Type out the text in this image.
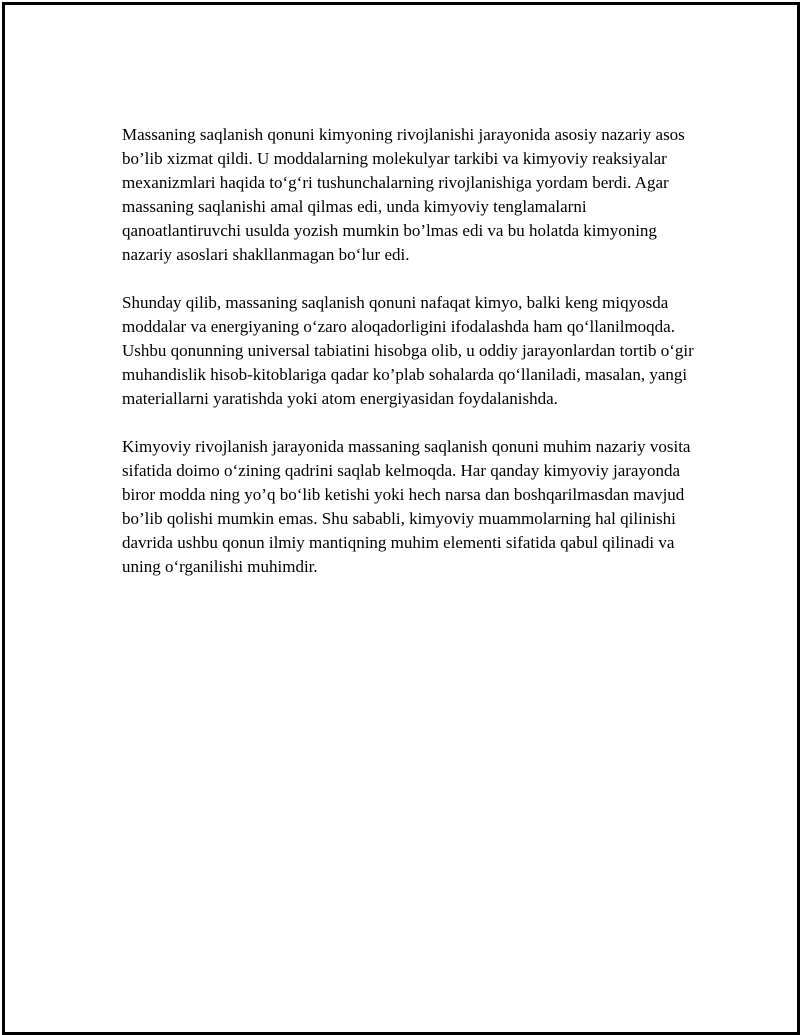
Massaning saqlanish qonuni kimyoning rivojlanishi jarayonida asosiy nazariy asos bo’lib xizmat qildi. U moddalarning molekulyar tarkibi va kimyoviy reaksiyalar mexanizmlari haqida to‘g‘ri tushunchalarning rivojlanishiga yordam berdi. Agar massaning saqlanishi amal qilmas edi, unda kimyoviy tenglamalarni qanoatlantiruvchi usulda yozish mumkin bo’lmas edi va bu holatda kimyoning nazariy asoslari shakllanmagan bo‘lur edi.

Shunday qilib, massaning saqlanish qonuni nafaqat kimyo, balki keng miqyosda moddalar va energiyaning o‘zaro aloqadorligini ifodalashda ham qo‘llanilmoqda. Ushbu qonunning universal tabiatini hisobga olib, u oddiy jarayonlardan tortib o‘gir muhandislik hisob-kitoblariga qadar ko’plab sohalarda qo‘llaniladi, masalan, yangi materiallarni yaratishda yoki atom energiyasidan foydalanishda.

Kimyoviy rivojlanish jarayonida massaning saqlanish qonuni muhim nazariy vosita sifatida doimo o‘zining qadrini saqlab kelmoqda. Har qanday kimyoviy jarayonda biror modda ning yo’q bo‘lib ketishi yoki hech narsa dan boshqarilmasdan mavjud bo’lib qolishi mumkin emas. Shu sababli, kimyoviy muammolarning hal qilinishi davrida ushbu qonun ilmiy mantiqning muhim elementi sifatida qabul qilinadi va uning o‘rganilishi muhimdir.
